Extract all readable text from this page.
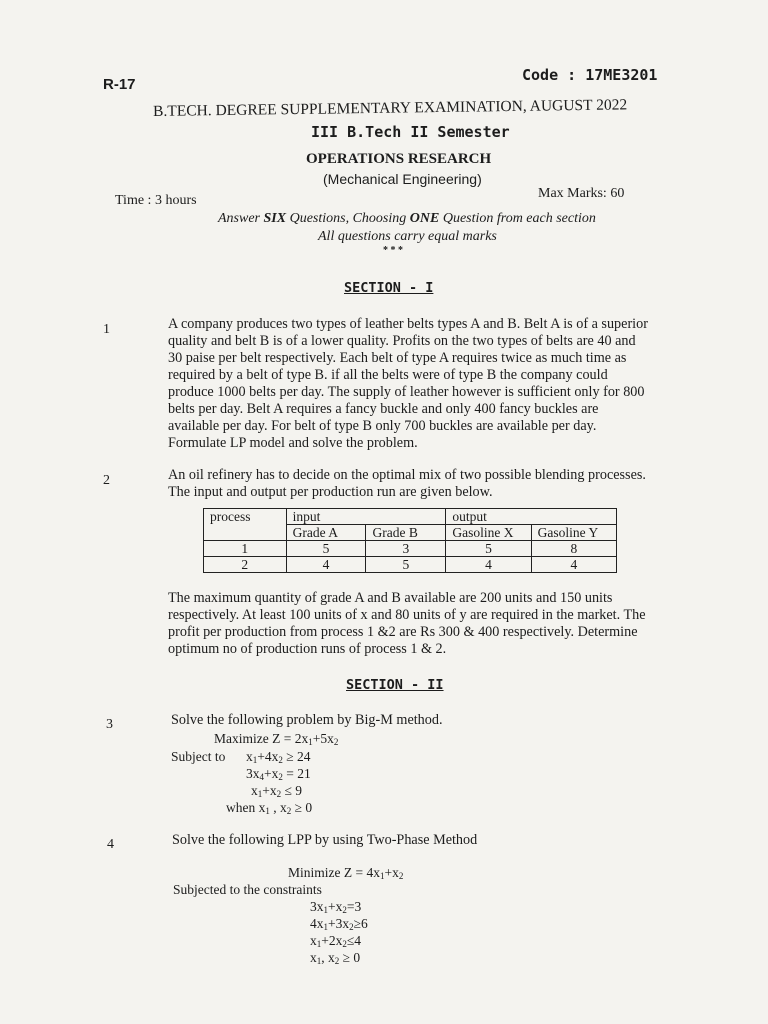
R-17
Code : 17ME3201
B.TECH. DEGREE SUPPLEMENTARY EXAMINATION, AUGUST 2022
III B.Tech II Semester
OPERATIONS RESEARCH
(Mechanical Engineering)
Time : 3 hours	Max Marks: 60
Answer SIX Questions, Choosing ONE Question from each section
All questions carry equal marks
* * *
SECTION - I
1	A company produces two types of leather belts types A and B. Belt A is of a superior
quality and belt B is of a lower quality. Profits on the two types of belts are 40 and
30 paise per belt respectively. Each belt of type A requires twice as much time as
required by a belt of type B. if all the belts were of type B the company could
produce 1000 belts per day. The supply of leather however is sufficient only for 800
belts per day. Belt A requires a fancy buckle and only 400 fancy buckles are
available per day. For belt of type B only 700 buckles are available per day.
Formulate LP model and solve the problem.
2	An oil refinery has to decide on the optimal mix of two possible blending processes.
The input and output per production run are given below.
process	input		output	
	Grade A	Grade B	Gasoline X	Gasoline Y
1	5	3	5	8
2	4	5	4	4
The maximum quantity of grade A and B available are 200 units and 150 units
respectively. At least 100 units of x and 80 units of y are required in the market. The
profit per production from process 1 &2 are Rs 300 & 400 respectively. Determine
optimum no of production runs of process 1 & 2.
SECTION - II
3	Solve the following problem by Big-M method.
Maximize $Z = 2x_1+5x_2$
Subject to $x_1+4x_2 \ge 24$
$3x_4+x_2 = 21$
$x_1+x_2 \le 9$
when $x_1$ , $x_2 \ge 0$
4	Solve the following LPP by using Two-Phase Method
Minimize $Z = 4x_1+x_2$
Subjected to the constraints
$3x_1+x_2=3$
$4x_1+3x_2\ge 6$
$x_1+2x_2\le 4$
$x_1$, $x_2 \ge 0$
